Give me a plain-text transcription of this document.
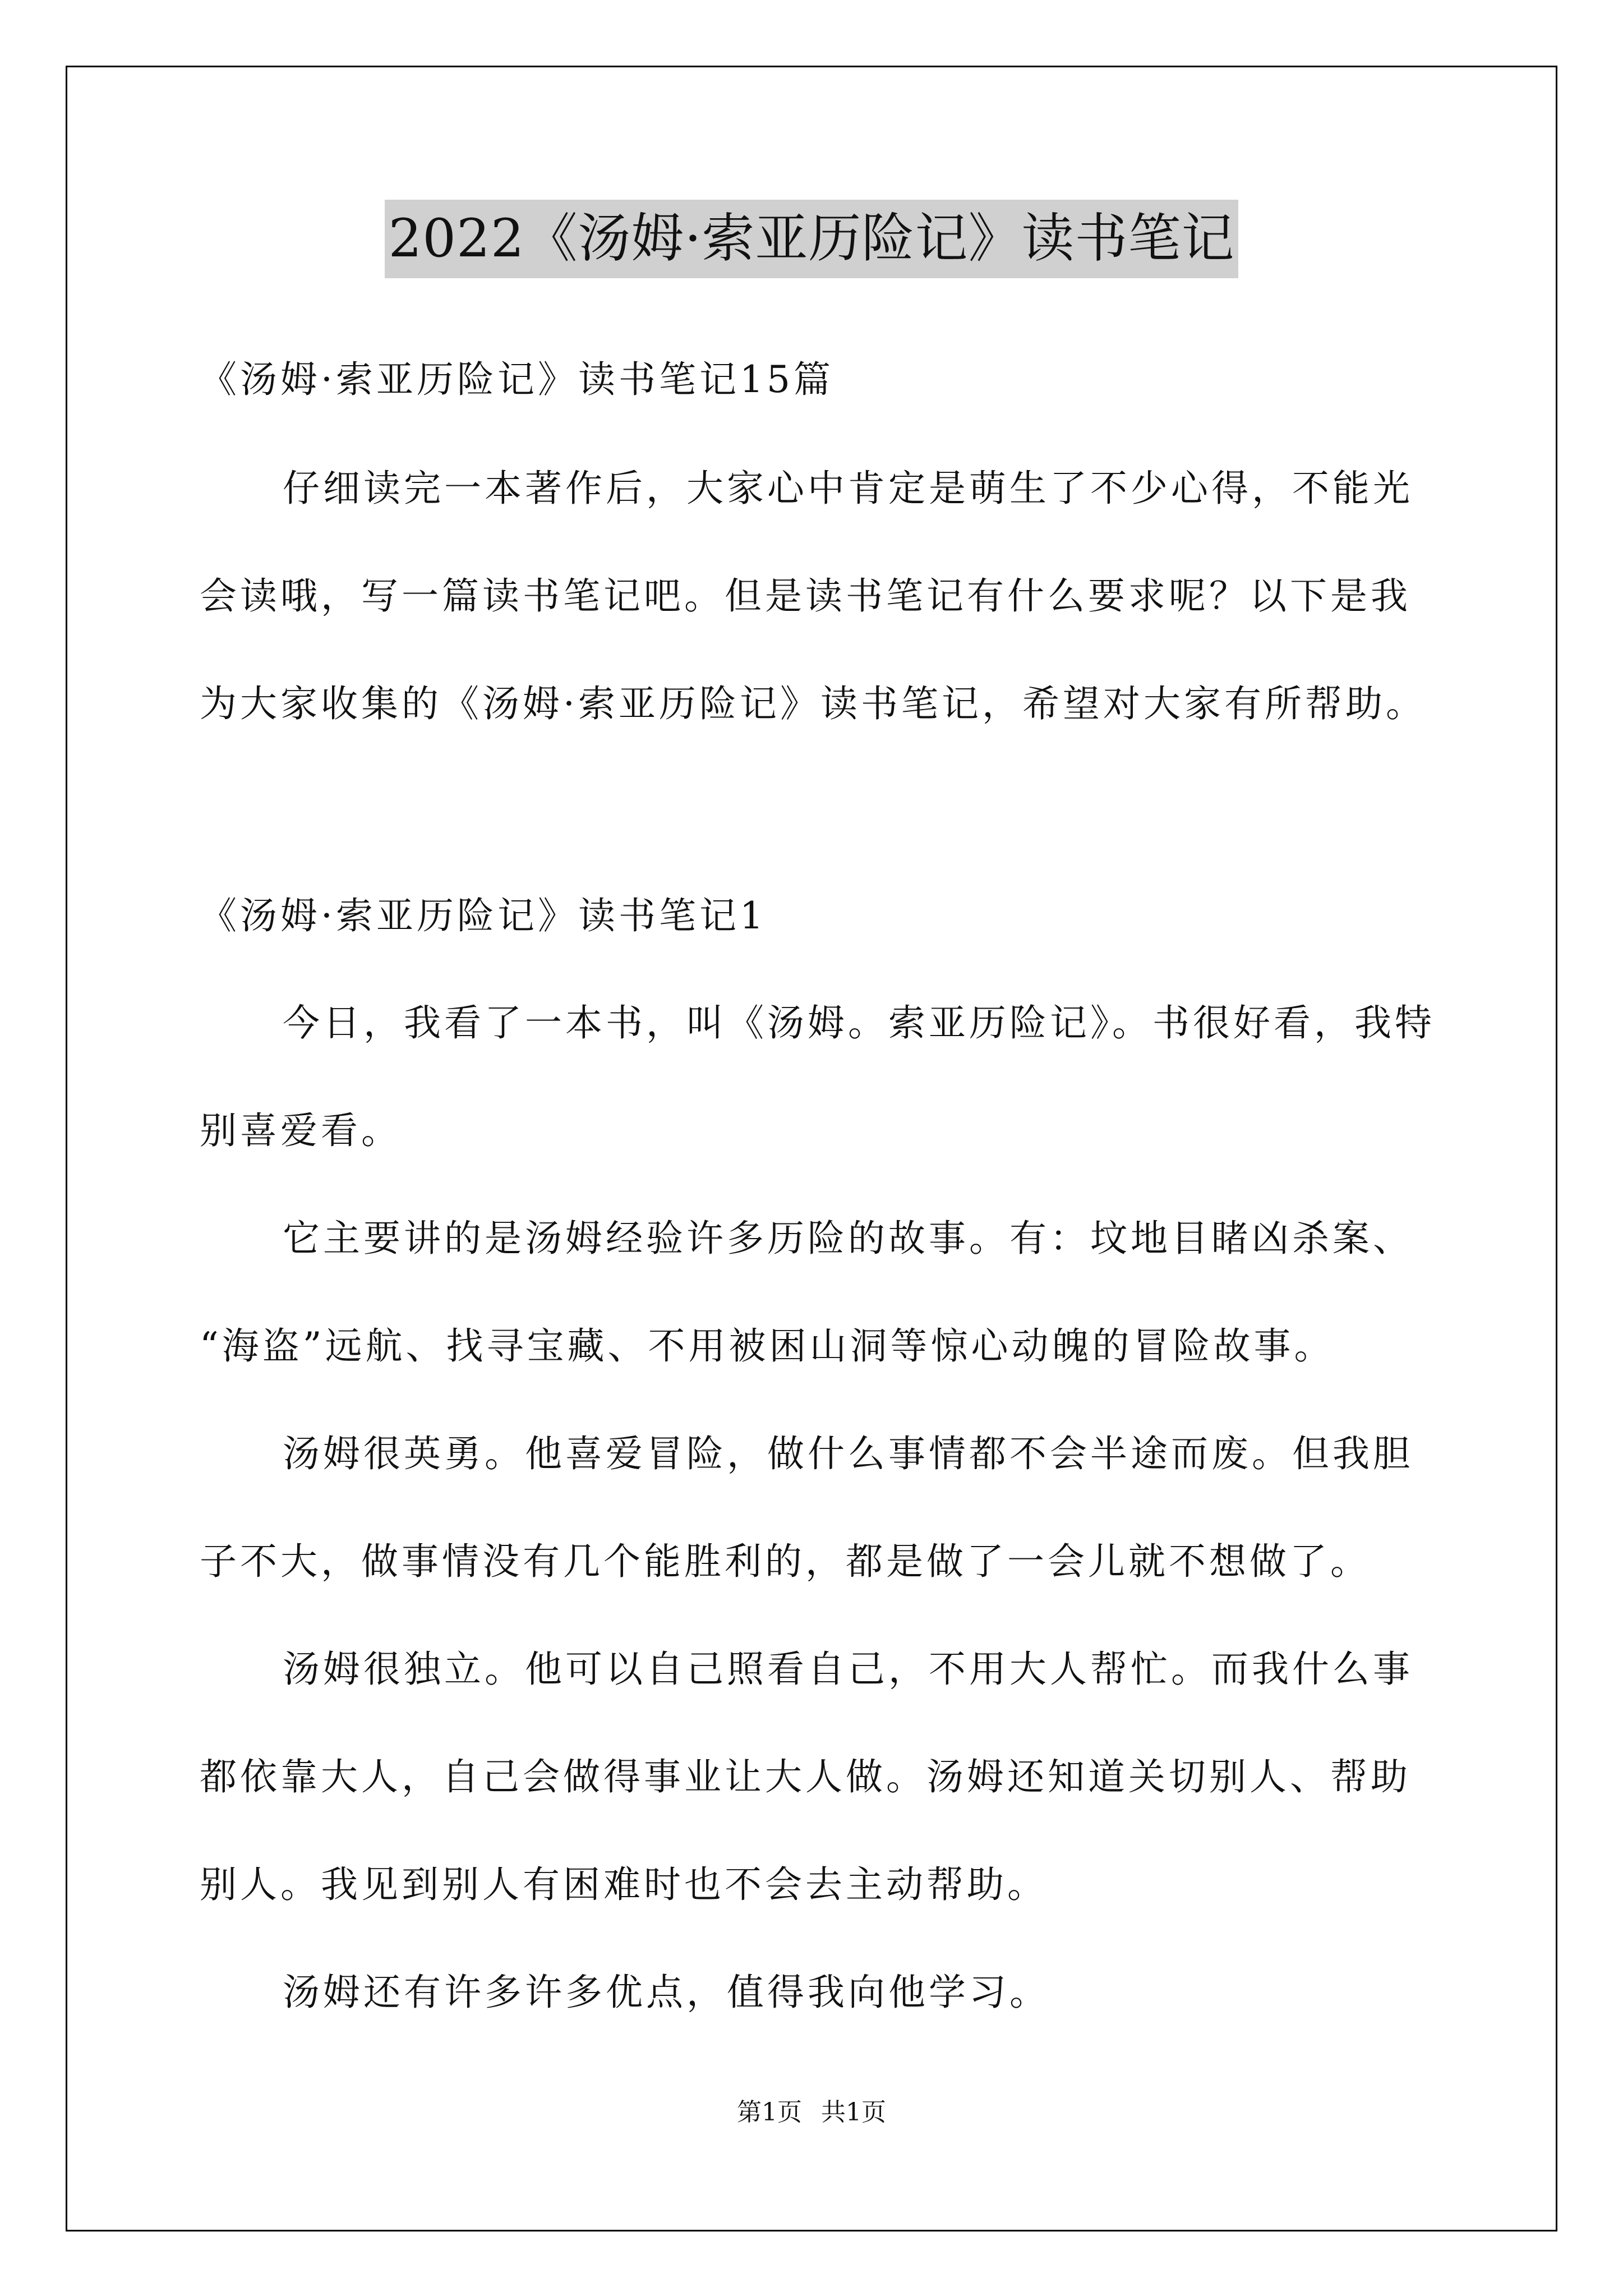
2022《汤姆·索亚历险记》读书笔记
《汤姆·索亚历险记》读书笔记15篇
仔细读完一本著作后，大家心中肯定是萌生了不少心得，不能光
会读哦，写一篇读书笔记吧。但是读书笔记有什么要求呢？以下是我
为大家收集的《汤姆·索亚历险记》读书笔记，希望对大家有所帮助。
《汤姆·索亚历险记》读书笔记1
今日，我看了一本书，叫《汤姆。索亚历险记》。书很好看，我特
别喜爱看。
它主要讲的是汤姆经验许多历险的故事。有：坟地目睹凶杀案、
“海盗”远航、找寻宝藏、不用被困山洞等惊心动魄的冒险故事。
汤姆很英勇。他喜爱冒险，做什么事情都不会半途而废。但我胆
子不大，做事情没有几个能胜利的，都是做了一会儿就不想做了。
汤姆很独立。他可以自己照看自己，不用大人帮忙。而我什么事
都依靠大人，自己会做得事业让大人做。汤姆还知道关切别人、帮助
别人。我见到别人有困难时也不会去主动帮助。
汤姆还有许多许多优点，值得我向他学习。
第1页 共1页
